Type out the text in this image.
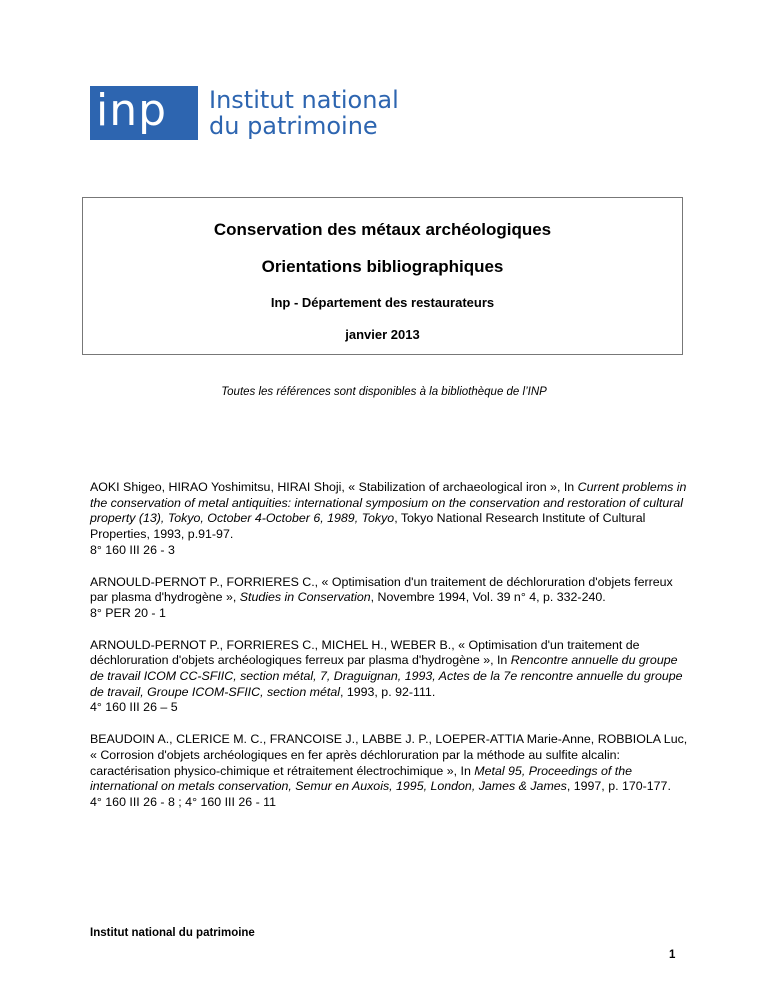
inp	Institut national
du patrimoine
Conservation des métaux archéologiques
Orientations bibliographiques
Inp - Département des restaurateurs
janvier 2013
Toutes les références sont disponibles à la bibliothèque de l’INP

AOKI Shigeo, HIRAO Yoshimitsu, HIRAI Shoji, « Stabilization of archaeological iron », In Current problems in the conservation of metal antiquities: international symposium on the conservation and restoration of cultural property (13), Tokyo, October 4-October 6, 1989, Tokyo, Tokyo National Research Institute of Cultural Properties, 1993, p.91-97.
8° 160 III 26 - 3

ARNOULD-PERNOT P., FORRIERES C., « Optimisation d'un traitement de déchloruration d'objets ferreux par plasma d'hydrogène », Studies in Conservation, Novembre 1994, Vol. 39 n° 4, p. 332-240.
8° PER 20 - 1

ARNOULD-PERNOT P., FORRIERES C., MICHEL H., WEBER B., « Optimisation d'un traitement de déchloruration d'objets archéologiques ferreux par plasma d'hydrogène », In Rencontre annuelle du groupe de travail ICOM CC-SFIIC, section métal, 7, Draguignan, 1993, Actes de la 7e rencontre annuelle du groupe de travail, Groupe ICOM-SFIIC, section métal, 1993, p. 92-111.
4° 160 III 26 – 5

BEAUDOIN A., CLERICE M. C., FRANCOISE J., LABBE J. P., LOEPER-ATTIA Marie-Anne, ROBBIOLA Luc, « Corrosion d'objets archéologiques en fer après déchloruration par la méthode au sulfite alcalin: caractérisation physico-chimique et rétraitement électrochimique », In Metal 95, Proceedings of the international on metals conservation, Semur en Auxois, 1995, London, James & James, 1997, p. 170-177.
4° 160 III 26 - 8 ; 4° 160 III 26 - 11

Institut national du patrimoine
1
